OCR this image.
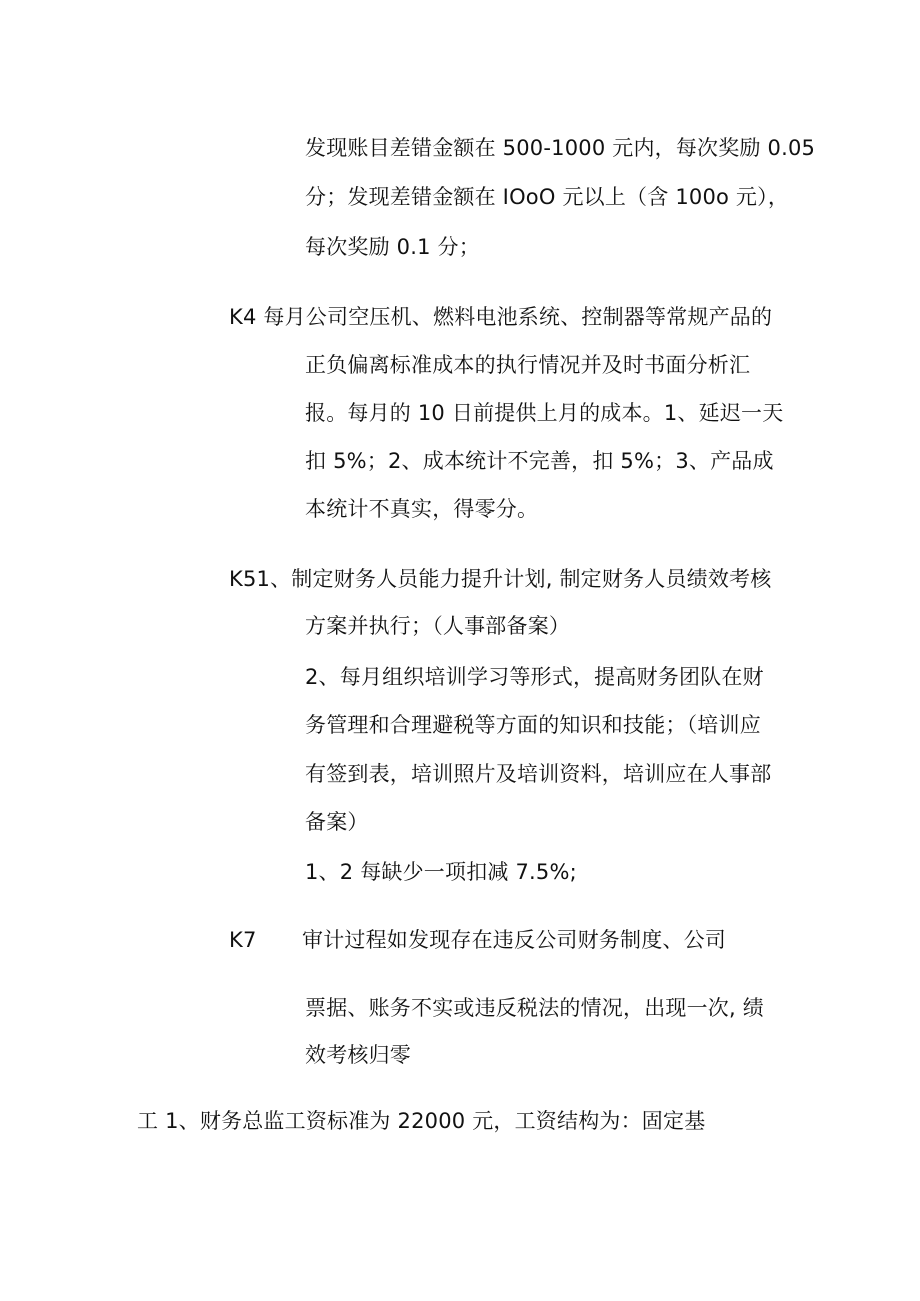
发现账目差错金额在 500-1000 元内，每次奖励 0.05
分；发现差错金额在 IOoO 元以上（含 100o 元），
每次奖励 0.1 分；
K4 每月公司空压机、燃料电池系统、控制器等常规产品的
正负偏离标准成本的执行情况并及时书面分析汇
报。每月的 10 日前提供上月的成本。1、延迟一天
扣 5%；2、成本统计不完善，扣 5%；3、产品成
本统计不真实，得零分。
K51、制定财务人员能力提升计划, 制定财务人员绩效考核
方案并执行；（人事部备案）
2、每月组织培训学习等形式，提高财务团队在财
务管理和合理避税等方面的知识和技能；（培训应
有签到表，培训照片及培训资料，培训应在人事部
备案）
1、2 每缺少一项扣减 7.5%;
K7 审计过程如发现存在违反公司财务制度、公司
票据、账务不实或违反税法的情况，出现一次, 绩
效考核归零
工 1、财务总监工资标准为 22000 元，工资结构为：固定基
